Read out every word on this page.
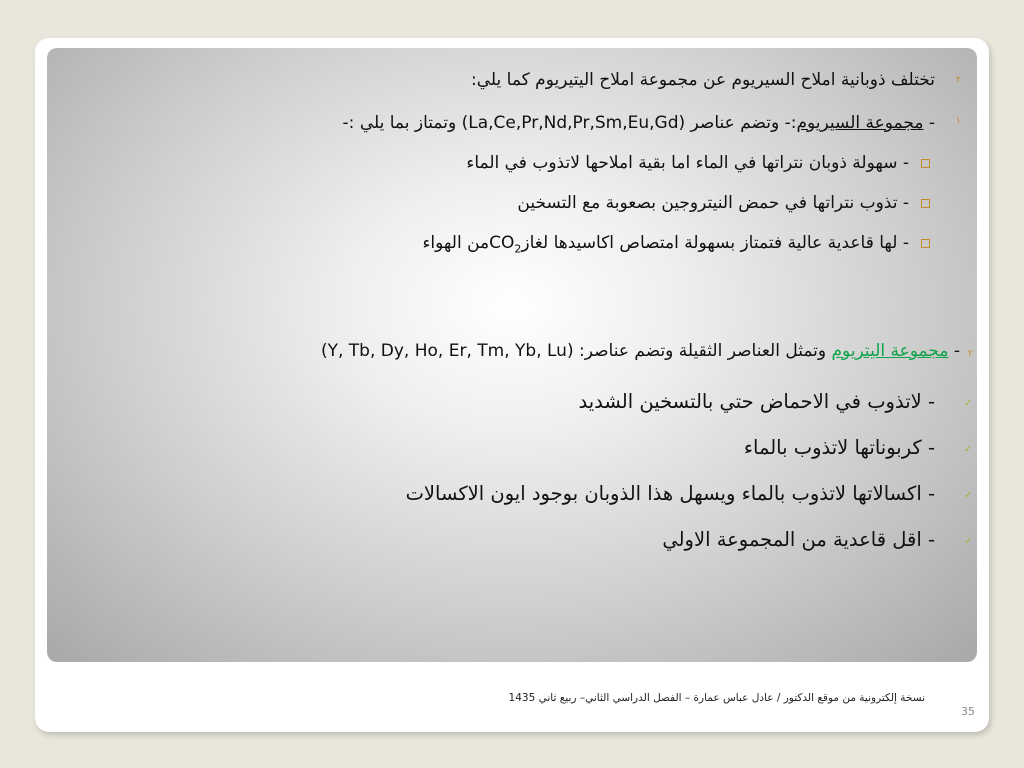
٢
تختلف ذوبانية املاح السيريوم عن مجموعة املاح اليتيريوم كما يلي:
١
- مجموعة السيريوم:- وتضم عناصر (La,Ce,Pr,Nd,Pr,Sm,Eu,Gd) وتمتاز بما يلي :-
- سهولة ذوبان نتراتها في الماء اما بقية املاحها لاتذوب في الماء
- تذوب نتراتها في حمض النيتروجين بصعوبة مع التسخين
- لها قاعدية عالية فتمتاز بسهولة امتصاص اكاسيدها لغازCO$_2$من الهواء
٢
- مجموعة اليتريوم وتمثل العناصر الثقيلة وتضم عناصر: (Y, Tb, Dy, Ho, Er, Tm, Yb, Lu)
✓
- لاتذوب في الاحماض حتي بالتسخين الشديد
✓
- كربوناتها لاتذوب بالماء
✓
- اكسالاتها لاتذوب بالماء ويسهل هذا الذوبان بوجود ايون الاكسالات
✓
- اقل قاعدية من المجموعة الاولي
نسخة إلكترونية من موقع الدكتور / عادل عباس عمارة – الفصل الدراسي الثاني– ربيع ثاني 1435
35
